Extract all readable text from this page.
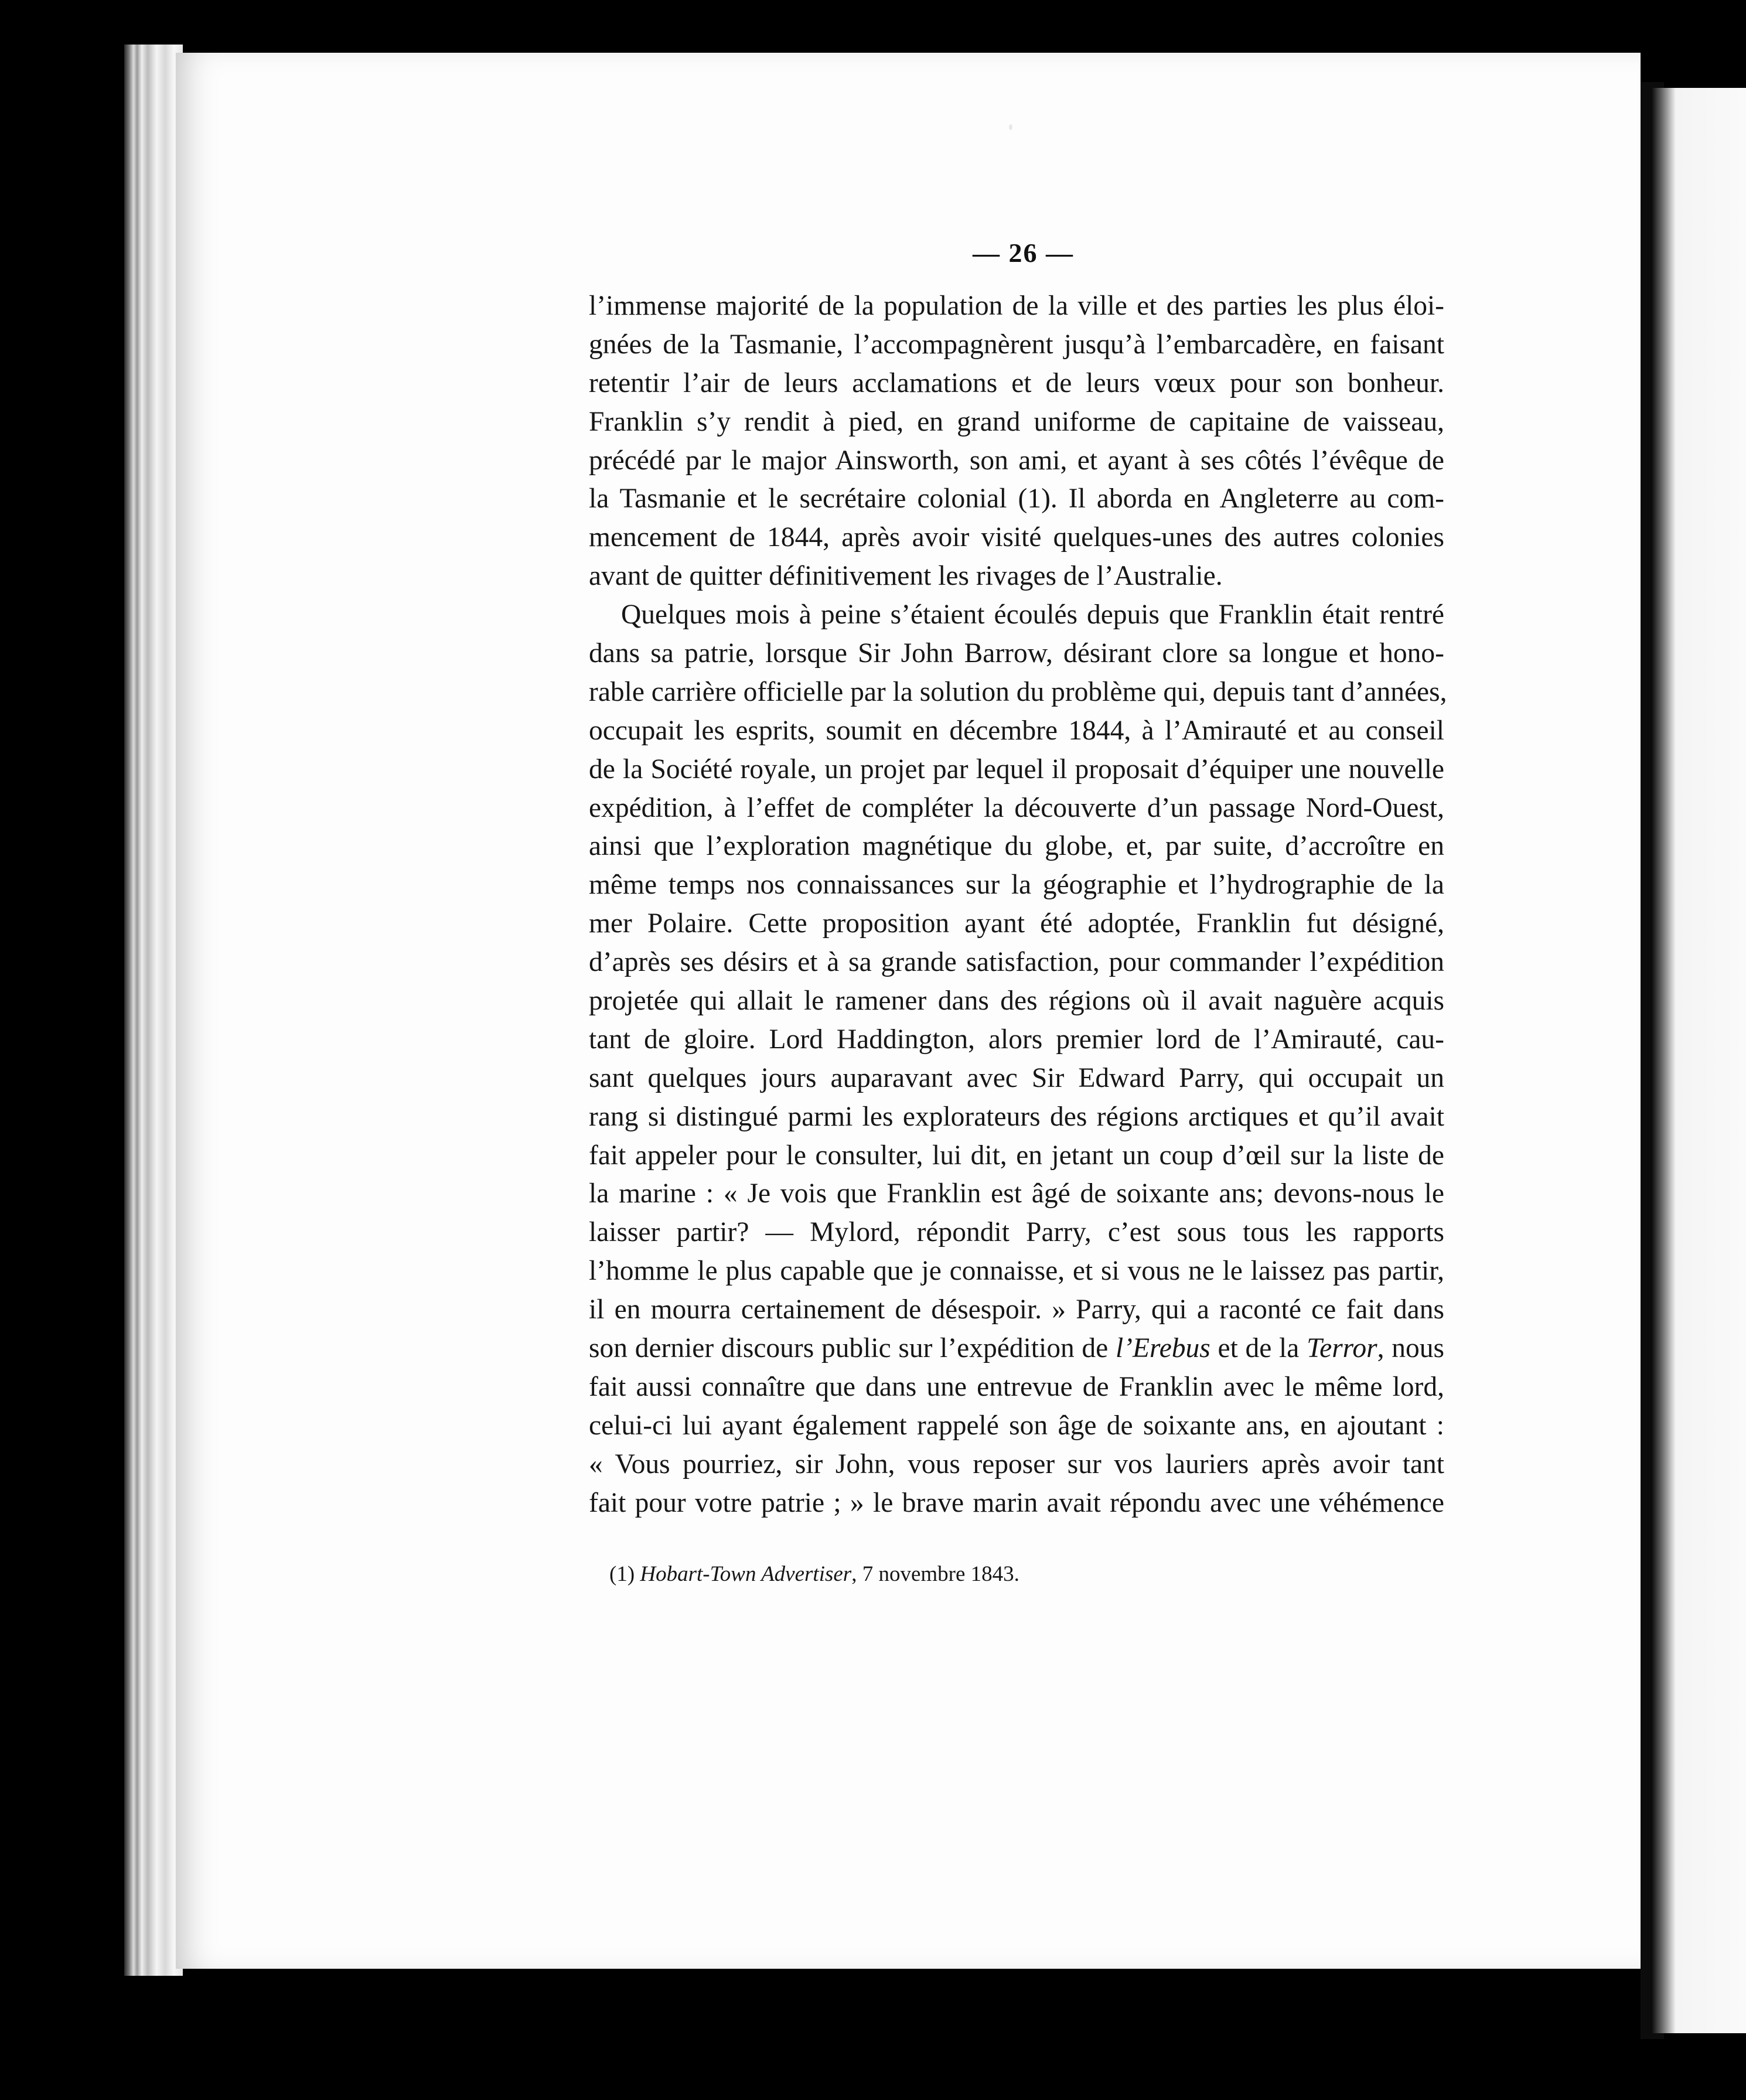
— 26 —
l’immense majorité de la population de la ville et des parties les plus éloi-
gnées de la Tasmanie, l’accompagnèrent jusqu’à l’embarcadère, en faisant
retentir l’air de leurs acclamations et de leurs vœux pour son bonheur.
Franklin s’y rendit à pied, en grand uniforme de capitaine de vaisseau,
précédé par le major Ainsworth, son ami, et ayant à ses côtés l’évêque de
la Tasmanie et le secrétaire colonial (1). Il aborda en Angleterre au com-
mencement de 1844, après avoir visité quelques-unes des autres colonies
avant de quitter définitivement les rivages de l’Australie.
Quelques mois à peine s’étaient écoulés depuis que Franklin était rentré
dans sa patrie, lorsque Sir John Barrow, désirant clore sa longue et hono-
rable carrière officielle par la solution du problème qui, depuis tant d’années,
occupait les esprits, soumit en décembre 1844, à l’Amirauté et au conseil
de la Société royale, un projet par lequel il proposait d’équiper une nouvelle
expédition, à l’effet de compléter la découverte d’un passage Nord-Ouest,
ainsi que l’exploration magnétique du globe, et, par suite, d’accroître en
même temps nos connaissances sur la géographie et l’hydrographie de la
mer Polaire. Cette proposition ayant été adoptée, Franklin fut désigné,
d’après ses désirs et à sa grande satisfaction, pour commander l’expédition
projetée qui allait le ramener dans des régions où il avait naguère acquis
tant de gloire. Lord Haddington, alors premier lord de l’Amirauté, cau-
sant quelques jours auparavant avec Sir Edward Parry, qui occupait un
rang si distingué parmi les explorateurs des régions arctiques et qu’il avait
fait appeler pour le consulter, lui dit, en jetant un coup d’œil sur la liste de
la marine : « Je vois que Franklin est âgé de soixante ans; devons-nous le
laisser partir? — Mylord, répondit Parry, c’est sous tous les rapports
l’homme le plus capable que je connaisse, et si vous ne le laissez pas partir,
il en mourra certainement de désespoir. » Parry, qui a raconté ce fait dans
son dernier discours public sur l’expédition de l’Erebus et de la Terror, nous
fait aussi connaître que dans une entrevue de Franklin avec le même lord,
celui-ci lui ayant également rappelé son âge de soixante ans, en ajoutant :
« Vous pourriez, sir John, vous reposer sur vos lauriers après avoir tant
fait pour votre patrie ; » le brave marin avait répondu avec une véhémence
(1) Hobart-Town Advertiser, 7 novembre 1843.
